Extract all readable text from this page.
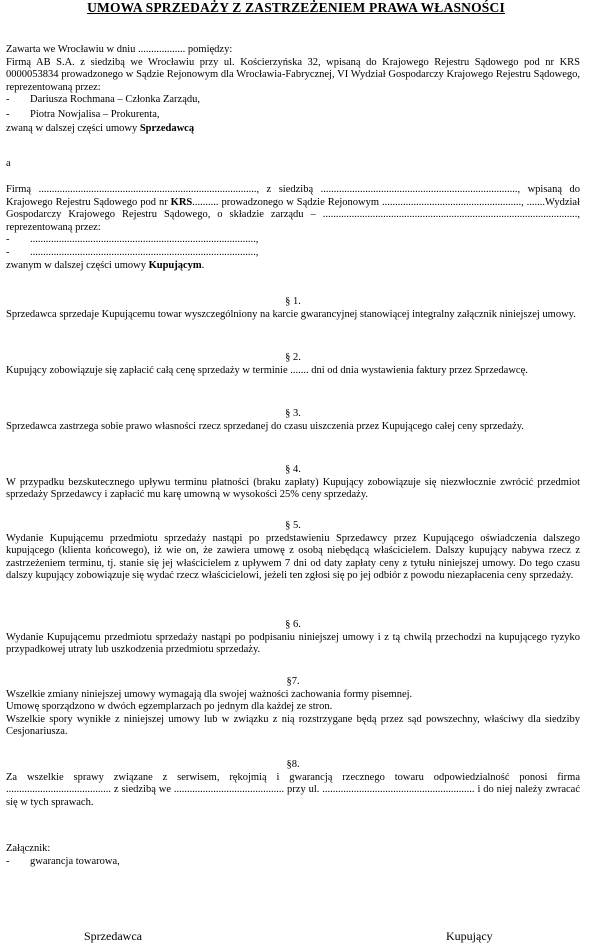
UMOWA SPRZEDAŻY Z ZASTRZEŻENIEM PRAWA WŁASNOŚCI

Zawarta we Wrocławiu w dniu .................. pomiędzy:

Firmą AB S.A. z siedzibą we Wrocławiu przy ul. Kościerzyńska 32, wpisaną do Krajowego Rejestru Sądowego pod nr KRS 0000053834 prowadzonego w Sądzie Rejonowym dla Wrocławia-Fabrycznej, VI Wydział Gospodarczy Krajowego Rejestru Sądowego, reprezentowaną przez:

-	Dariusza Rochmana – Członka Zarządu,
-	Piotra Nowjalisa – Prokurenta,

zwaną w dalszej części umowy Sprzedawcą

a

Firmą ..................................................................................., z siedzibą ..........................................................................., wpisaną do Krajowego Rejestru Sądowego pod nr KRS.......... prowadzonego w Sądzie Rejonowym ....................................................., .......Wydział Gospodarczy Krajowego Rejestru Sądowego, o składzie zarządu – ................................................................................................., reprezentowaną przez:

-	......................................................................................,
-	......................................................................................,

zwanym w dalszej części umowy Kupującym.

§ 1.

Sprzedawca sprzedaje Kupującemu towar wyszczególniony na karcie gwarancyjnej stanowiącej integralny załącznik niniejszej umowy.

§ 2.

Kupujący zobowiązuje się zapłacić całą cenę sprzedaży w terminie ....... dni od dnia wystawienia faktury przez Sprzedawcę.

§ 3.

Sprzedawca zastrzega sobie prawo własności rzecz sprzedanej do czasu uiszczenia przez Kupującego całej ceny sprzedaży.

§ 4.

W przypadku bezskutecznego upływu terminu płatności (braku zapłaty) Kupujący zobowiązuje się niezwłocznie zwrócić przedmiot sprzedaży Sprzedawcy i zapłacić mu karę umowną w wysokości 25% ceny sprzedaży.

§ 5.

Wydanie Kupującemu przedmiotu sprzedaży nastąpi po przedstawieniu Sprzedawcy przez Kupującego oświadczenia dalszego kupującego (klienta końcowego), iż wie on, że zawiera umowę z osobą niebędącą właścicielem. Dalszy kupujący nabywa rzecz z zastrzeżeniem terminu, tj. stanie się jej właścicielem z upływem 7 dni od daty zapłaty ceny z tytułu niniejszej umowy. Do tego czasu dalszy kupujący zobowiązuje się wydać rzecz właścicielowi, jeżeli ten zgłosi się po jej odbiór z powodu niezapłacenia ceny sprzedaży.

§ 6.

Wydanie Kupującemu przedmiotu sprzedaży nastąpi po podpisaniu niniejszej umowy i z tą chwilą przechodzi na kupującego ryzyko przypadkowej utraty lub uszkodzenia przedmiotu sprzedaży.

§7.

Wszelkie zmiany niniejszej umowy wymagają dla swojej ważności zachowania formy pisemnej.

Umowę sporządzono w dwóch egzemplarzach po jednym dla każdej ze stron.

Wszelkie spory wynikłe z niniejszej umowy lub w związku z nią rozstrzygane będą przez sąd powszechny, właściwy dla siedziby Cesjonariusza.

§8.

Za wszelkie sprawy związane z serwisem, rękojmią i gwarancją rzecznego towaru odpowiedzialność ponosi firma ........................................ z siedzibą we .......................................... przy ul. .......................................................... i do niej należy zwracać się w tych sprawach.

Załącznik:

-	gwarancja towarowa,
Sprzedawca	Kupujący
